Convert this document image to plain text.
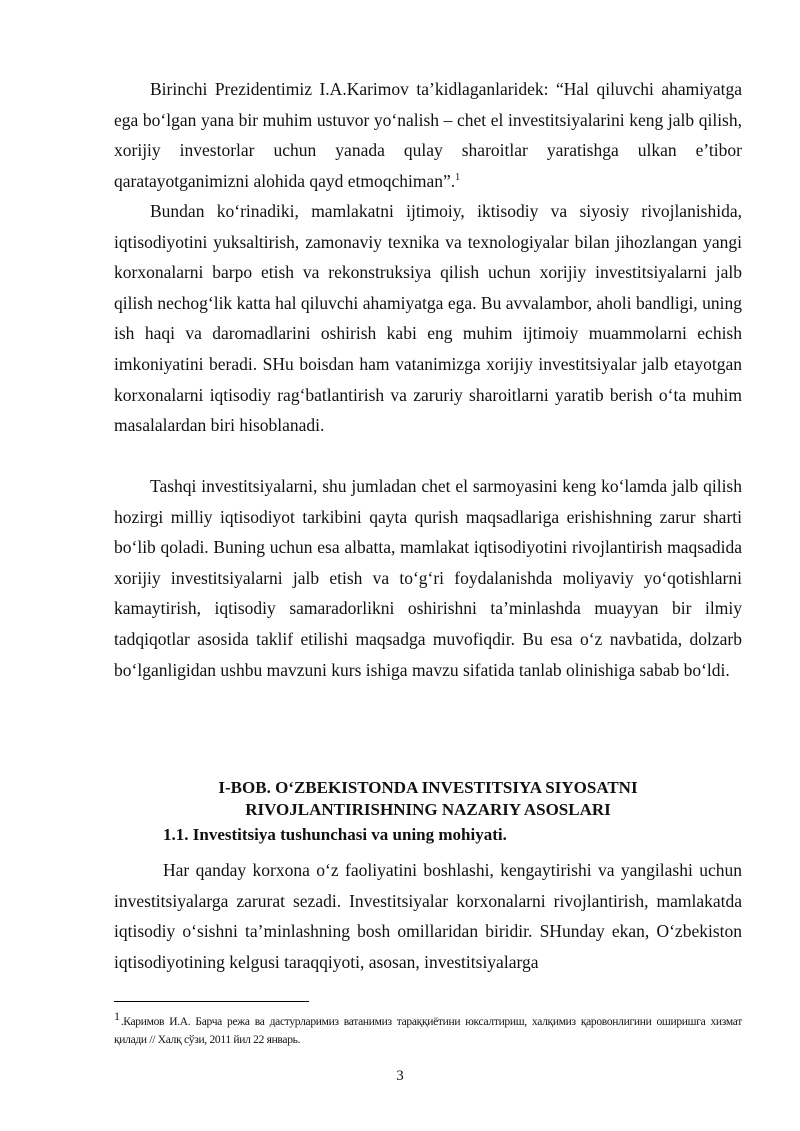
Birinchi Prezidentimiz I.A.Karimov ta’kidlaganlaridek: “Hal qiluvchi ahamiyatga ega bo‘lgan yana bir muhim ustuvor yo‘nalish – chet el investitsiyalarini keng jalb qilish, xorijiy investorlar uchun yanada qulay sharoitlar yaratishga ulkan e’tibor qaratayotganimizni alohida qayd etmoqchiman”.$^1$

Bundan ko‘rinadiki, mamlakatni ijtimoiy, iktisodiy va siyosiy rivojlanishida, iqtisodiyotini yuksaltirish, zamonaviy texnika va texnologiyalar bilan jihozlangan yangi korxonalarni barpo etish va rekonstruksiya qilish uchun xorijiy investitsiyalarni jalb qilish nechog‘lik katta hal qiluvchi ahamiyatga ega. Bu avvalambor, aholi bandligi, uning ish haqi va daromadlarini oshirish kabi eng muhim ijtimoiy muammolarni echish imkoniyatini beradi. SHu boisdan ham vatanimizga xorijiy investitsiyalar jalb etayotgan korxonalarni iqtisodiy rag‘batlantirish va zaruriy sharoitlarni yaratib berish o‘ta muhim masalalardan biri hisoblanadi.

Tashqi investitsiyalarni, shu jumladan chet el sarmoyasini keng ko‘lamda jalb qilish hozirgi milliy iqtisodiyot tarkibini qayta qurish maqsadlariga erishishning zarur sharti bo‘lib qoladi. Buning uchun esa albatta, mamlakat iqtisodiyotini rivojlantirish maqsadida xorijiy investitsiyalarni jalb etish va to‘g‘ri foydalanishda moliyaviy yo‘qotishlarni kamaytirish, iqtisodiy samaradorlikni oshirishni ta’minlashda muayyan bir ilmiy tadqiqotlar asosida taklif etilishi maqsadga muvofiqdir. Bu esa o‘z navbatida, dolzarb bo‘lganligidan ushbu mavzuni kurs ishiga mavzu sifatida tanlab olinishiga sabab bo‘ldi.

I-BOB. O‘ZBEKISTONDA INVESTITSIYA SIYOSATNI

RIVOJLANTIRISHNING NAZARIY ASOSLARI

1.1. Investitsiya tushunchasi va uning mohiyati.

Har qanday korxona o‘z faoliyatini boshlashi, kengaytirishi va yangilashi uchun investitsiyalarga zarurat sezadi. Investitsiyalar korxonalarni rivojlantirish, mamlakatda iqtisodiy o‘sishni ta’minlashning bosh omillaridan biridir. SHunday ekan, O‘zbekiston iqtisodiyotining kelgusi taraqqiyoti, asosan, investitsiyalarga

1.Каримов И.А. Барча режа ва дастурларимиз ватанимиз тараққиётини юксалтириш, халқимиз қаровонлигини оширишга хизмат қилади // Халқ сўзи, 2011 йил 22 январь.

3
